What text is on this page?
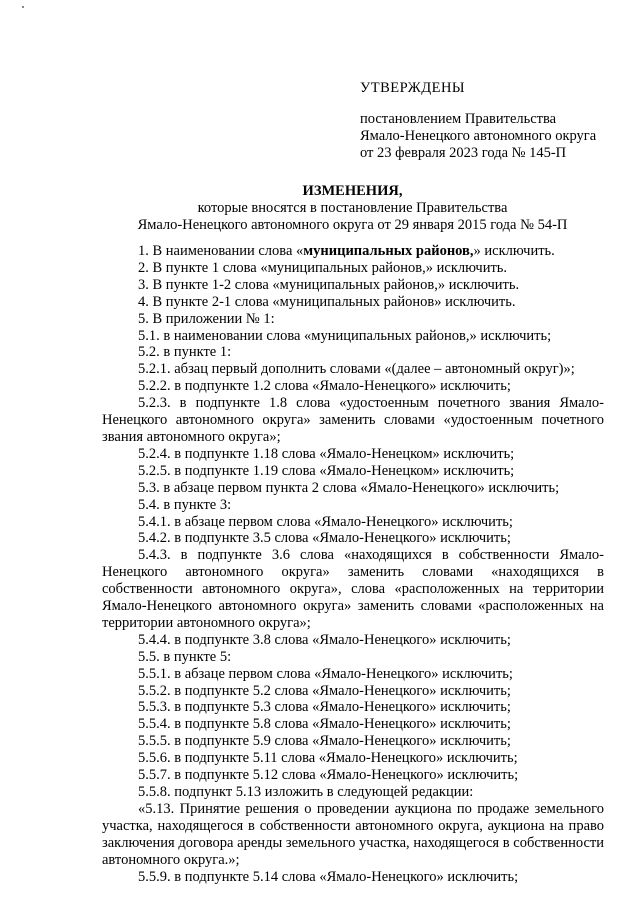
УТВЕРЖДЕНЫ
постановлением Правительства
Ямало-Ненецкого автономного округа
от 23 февраля 2023 года № 145-П
ИЗМЕНЕНИЯ,
которые вносятся в постановление Правительства
Ямало-Ненецкого автономного округа от 29 января 2015 года № 54-П

1. В наименовании слова «муниципальных районов,» исключить.

2. В пункте 1 слова «муниципальных районов,» исключить.

3. В пункте 1-2 слова «муниципальных районов,» исключить.

4. В пункте 2-1 слова «муниципальных районов» исключить.

5. В приложении № 1:

5.1. в наименовании слова «муниципальных районов,» исключить;

5.2. в пункте 1:

5.2.1. абзац первый дополнить словами «(далее – автономный округ)»;

5.2.2. в подпункте 1.2 слова «Ямало-Ненецкого» исключить;

5.2.3. в подпункте 1.8 слова «удостоенным почетного звания Ямало-Ненецкого автономного округа» заменить словами «удостоенным почетного звания автономного округа»;

5.2.4. в подпункте 1.18 слова «Ямало-Ненецком» исключить;

5.2.5. в подпункте 1.19 слова «Ямало-Ненецком» исключить;

5.3. в абзаце первом пункта 2 слова «Ямало-Ненецкого» исключить;

5.4. в пункте 3:

5.4.1. в абзаце первом слова «Ямало-Ненецкого» исключить;

5.4.2. в подпункте 3.5 слова «Ямало-Ненецкого» исключить;

5.4.3. в подпункте 3.6 слова «находящихся в собственности Ямало-Ненецкого автономного округа» заменить словами «находящихся в собственности автономного округа», слова «расположенных на территории Ямало-Ненецкого автономного округа» заменить словами «расположенных на территории автономного округа»;

5.4.4. в подпункте 3.8 слова «Ямало-Ненецкого» исключить;

5.5. в пункте 5:

5.5.1. в абзаце первом слова «Ямало-Ненецкого» исключить;

5.5.2. в подпункте 5.2 слова «Ямало-Ненецкого» исключить;

5.5.3. в подпункте 5.3 слова «Ямало-Ненецкого» исключить;

5.5.4. в подпункте 5.8 слова «Ямало-Ненецкого» исключить;

5.5.5. в подпункте 5.9 слова «Ямало-Ненецкого» исключить;

5.5.6. в подпункте 5.11 слова «Ямало-Ненецкого» исключить;

5.5.7. в подпункте 5.12 слова «Ямало-Ненецкого» исключить;

5.5.8. подпункт 5.13 изложить в следующей редакции:

«5.13. Принятие решения о проведении аукциона по продаже земельного участка, находящегося в собственности автономного округа, аукциона на право заключения договора аренды земельного участка, находящегося в собственности автономного округа.»;

5.5.9. в подпункте 5.14 слова «Ямало-Ненецкого» исключить;
